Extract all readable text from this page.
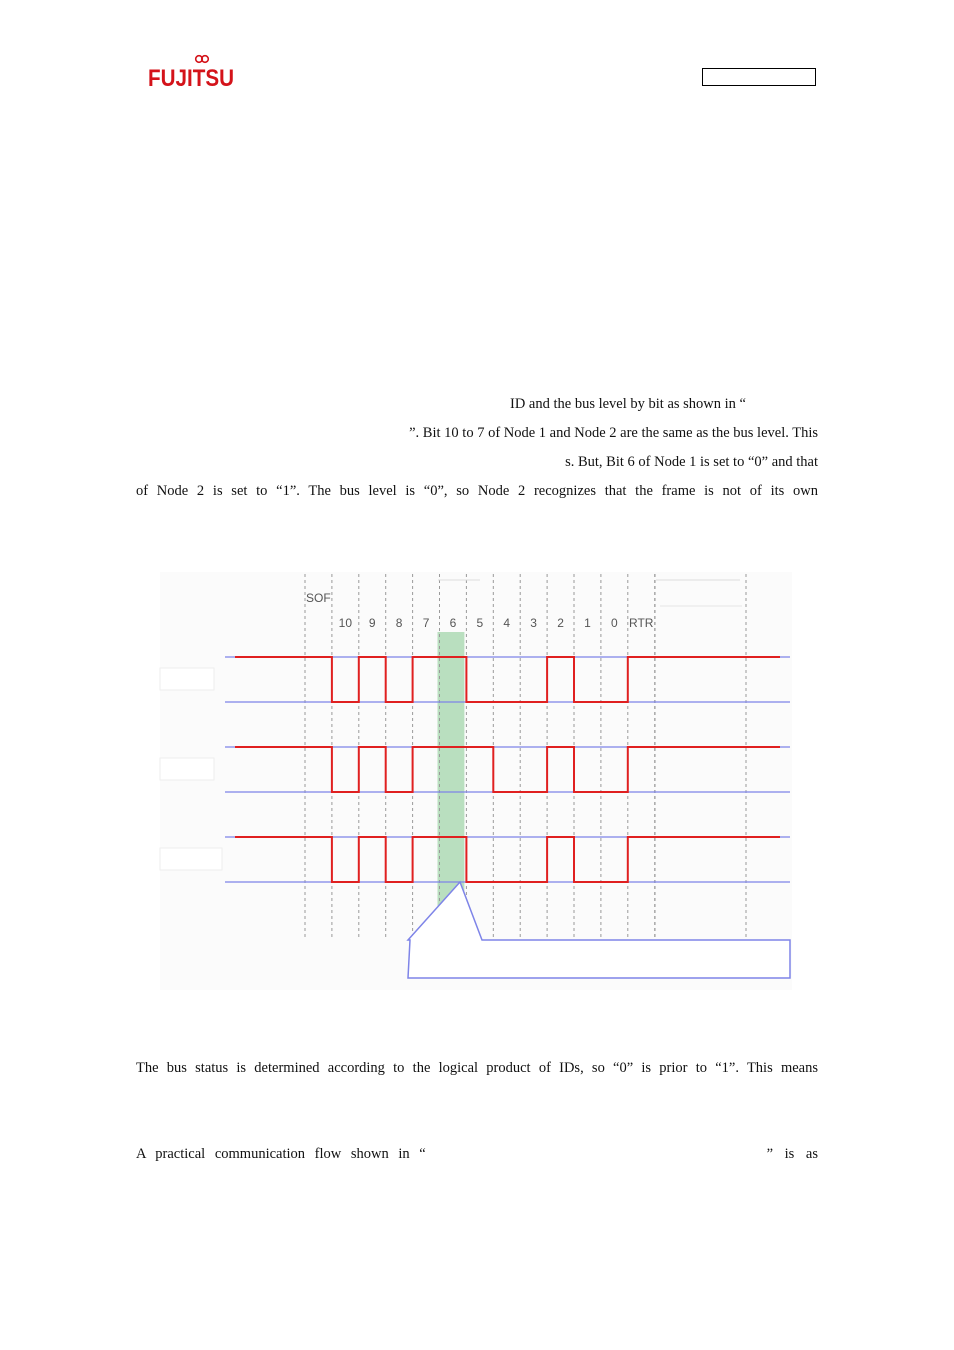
FUJITSU
ID and the bus level by bit as shown in “
”. Bit 10 to 7 of Node 1 and Node 2 are the same as the bus level. This
s. But, Bit 6 of Node 1 is set to “0” and that
of Node 2 is set to “1”. The bus level is “0”, so Node 2 recognizes that the frame is not of its own
SOF
10 9 8 7 6 5 4 3 2 1 0 RTR
The bus status is determined according to the logical product of IDs, so “0” is prior to “1”. This means
A practical communication flow shown in “	” is as
